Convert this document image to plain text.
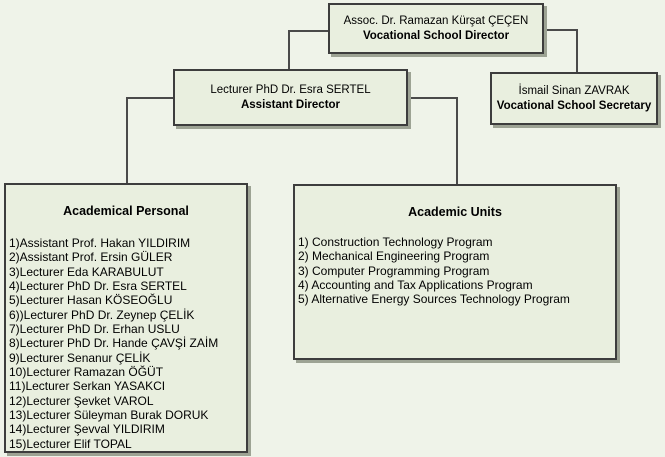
Assoc. Dr. Ramazan Kürşat ÇEÇEN
Vocational School Director
Lecturer PhD Dr. Esra SERTEL
Assistant Director
İsmail Sinan ZAVRAK
Vocational School Secretary
Academical Personal
1)Assistant Prof. Hakan YILDIRIM
2)Assistant Prof. Ersin GÜLER
3)Lecturer Eda KARABULUT
4)Lecturer PhD Dr. Esra SERTEL
5)Lecturer Hasan KÖSEOĞLU
6))Lecturer PhD Dr. Zeynep ÇELİK
7)Lecturer PhD Dr. Erhan USLU
8)Lecturer PhD Dr. Hande ÇAVŞİ ZAİM
9)Lecturer Senanur ÇELİK
10)Lecturer Ramazan ÖĞÜT
11)Lecturer Serkan YASAKCI
12)Lecturer Şevket VAROL
13)Lecturer Süleyman Burak DORUK
14)Lecturer Şevval YILDIRIM
15)Lecturer Elif TOPAL
Academic Units
1) Construction Technology Program
2) Mechanical Engineering Program
3) Computer Programming Program
4) Accounting and Tax Applications Program
5) Alternative Energy Sources Technology Program
